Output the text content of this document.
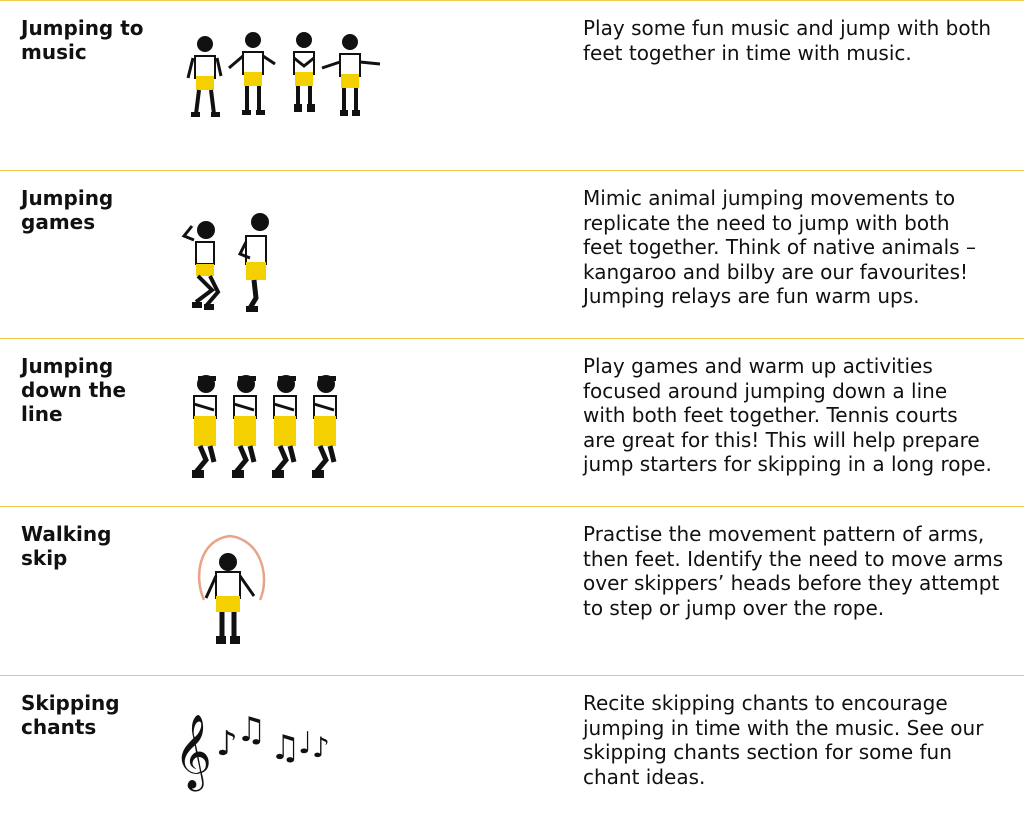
Jumping to
music
Play some fun music and jump with both
feet together in time with music.
Jumping
games
Mimic animal jumping movements to
replicate the need to jump with both
feet together. Think of native animals –
kangaroo and bilby are our favourites!
Jumping relays are fun warm ups.
Jumping
down the
line
Play games and warm up activities
focused around jumping down a line
with both feet together. Tennis courts
are great for this! This will help prepare
jump starters for skipping in a long rope.
Walking
skip
Practise the movement pattern of arms,
then feet. Identify the need to move arms
over skippers’ heads before they attempt
to step or jump over the rope.
Skipping
chants	𝄞 ♪
♫ ♫
♩ ♪
Recite skipping chants to encourage
jumping in time with the music. See our
skipping chants section for some fun
chant ideas.
